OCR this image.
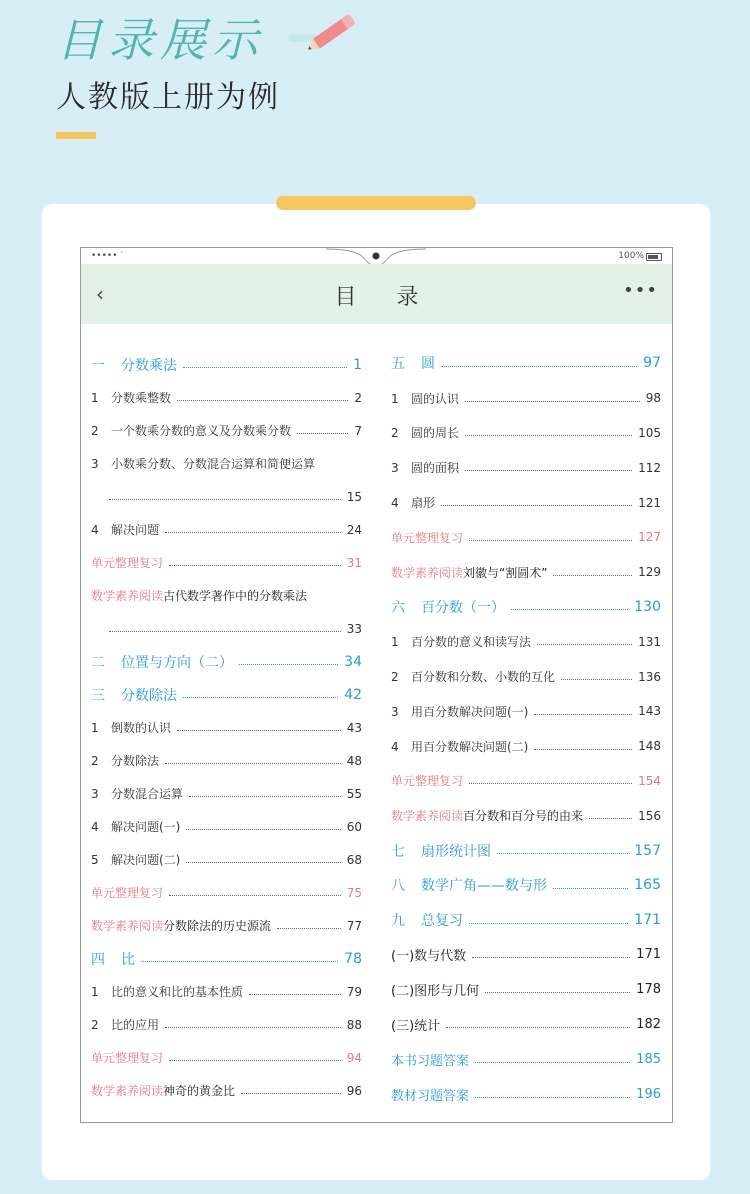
目录展示
人教版上册为例
••••• ′	100%
‹	目录	•••
一 分数乘法	1
1 分数乘整数	2
2 一个数乘分数的意义及分数乘分数	7
3 小数乘分数、分数混合运算和简便运算
15
4 解决问题	24
单元整理复习	31
数学素养阅读古代数学著作中的分数乘法
33
二 位置与方向（二）	34
三 分数除法	42
1 倒数的认识	43
2 分数除法	48
3 分数混合运算	55
4 解决问题(一)	60
5 解决问题(二)	68
单元整理复习	75
数学素养阅读分数除法的历史源流	77
四 比	78
1 比的意义和比的基本性质	79
2 比的应用	88
单元整理复习	94
数学素养阅读神奇的黄金比	96
五 圆	97
1 圆的认识	98
2 圆的周长	105
3 圆的面积	112
4 扇形	121
单元整理复习	127
数学素养阅读刘徽与“割圆术”	129
六 百分数（一）	130
1 百分数的意义和读写法	131
2 百分数和分数、小数的互化	136
3 用百分数解决问题(一)	143
4 用百分数解决问题(二)	148
单元整理复习	154
数学素养阅读百分数和百分号的由来	156
七 扇形统计图	157
八 数学广角——数与形	165
九 总复习	171
(一)数与代数	171
(二)图形与几何	178
(三)统计	182
本书习题答案	185
教材习题答案	196
